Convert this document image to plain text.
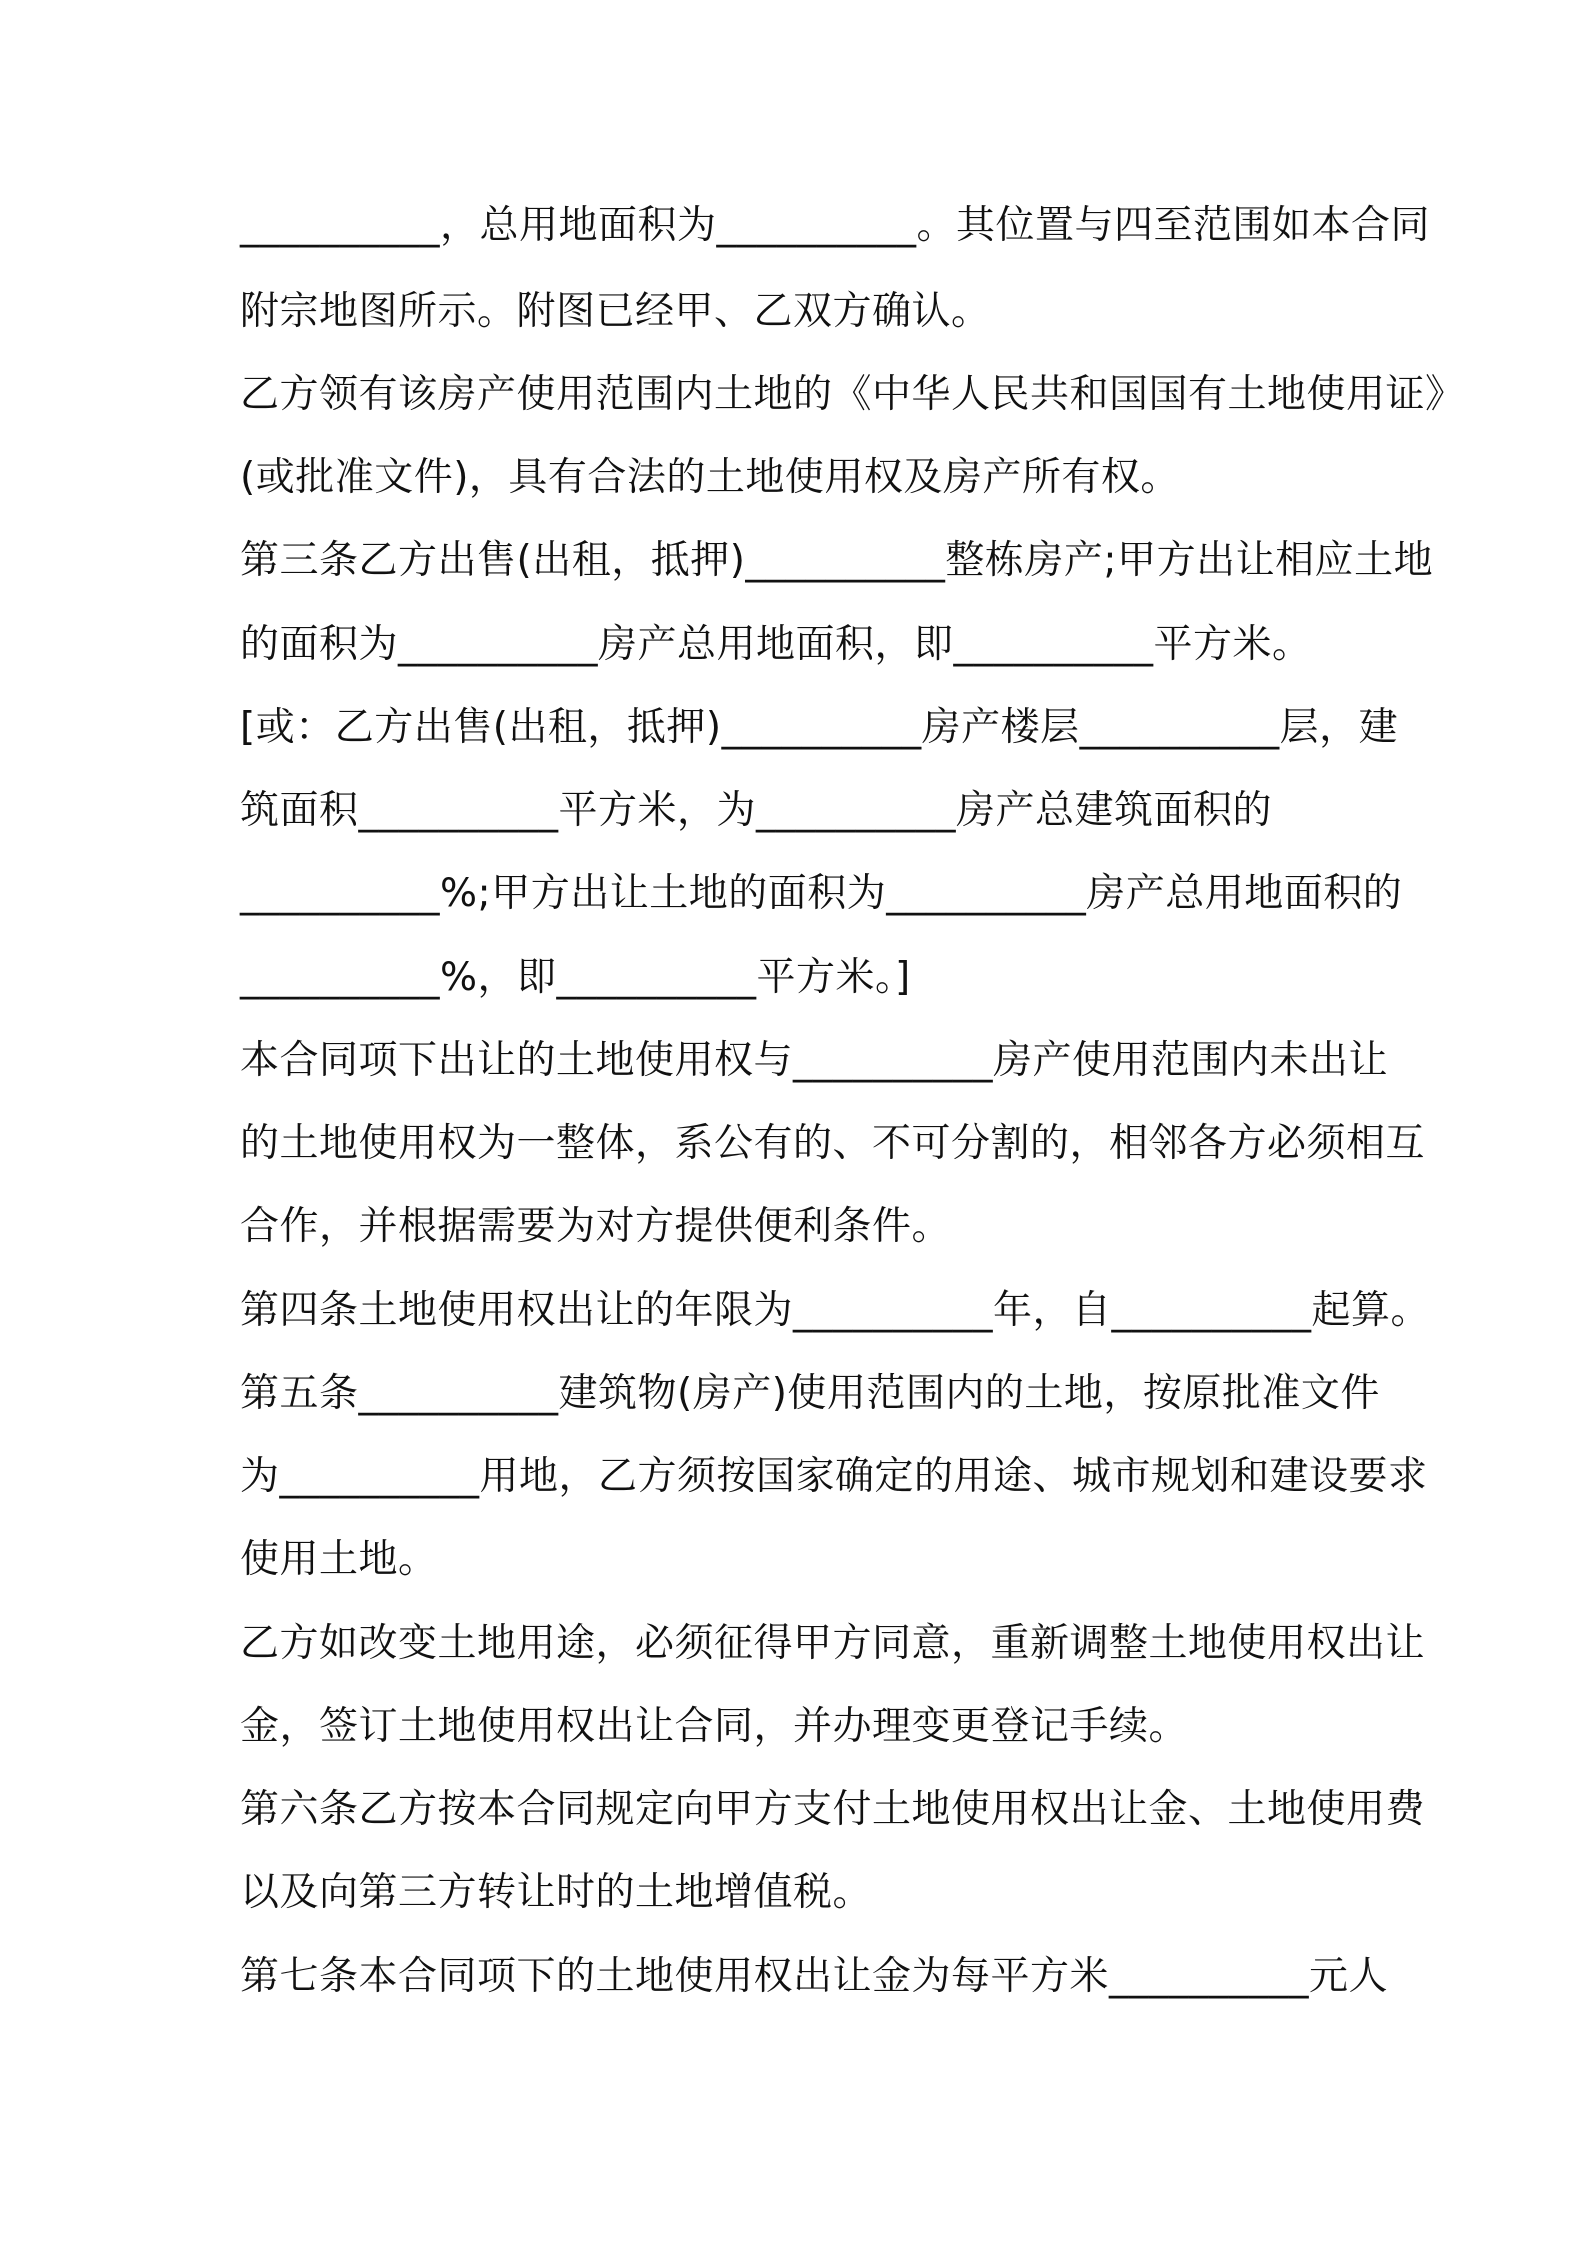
__________，总用地面积为__________。其位置与四至范围如本合同

附宗地图所示。附图已经甲、乙双方确认。

乙方领有该房产使用范围内土地的《中华人民共和国国有土地使用证》

(或批准文件)，具有合法的土地使用权及房产所有权。

第三条乙方出售(出租，抵押)__________整栋房产;甲方出让相应土地

的面积为__________房产总用地面积，即__________平方米。

[或：乙方出售(出租，抵押)__________房产楼层__________层，建

筑面积__________平方米，为__________房产总建筑面积的

__________%;甲方出让土地的面积为__________房产总用地面积的

__________%，即__________平方米。]

本合同项下出让的土地使用权与__________房产使用范围内未出让

的土地使用权为一整体，系公有的、不可分割的，相邻各方必须相互

合作，并根据需要为对方提供便利条件。

第四条土地使用权出让的年限为__________年，自__________起算。

第五条__________建筑物(房产)使用范围内的土地，按原批准文件

为__________用地，乙方须按国家确定的用途、城市规划和建设要求

使用土地。

乙方如改变土地用途，必须征得甲方同意，重新调整土地使用权出让

金，签订土地使用权出让合同，并办理变更登记手续。

第六条乙方按本合同规定向甲方支付土地使用权出让金、土地使用费

以及向第三方转让时的土地增值税。

第七条本合同项下的土地使用权出让金为每平方米__________元人
